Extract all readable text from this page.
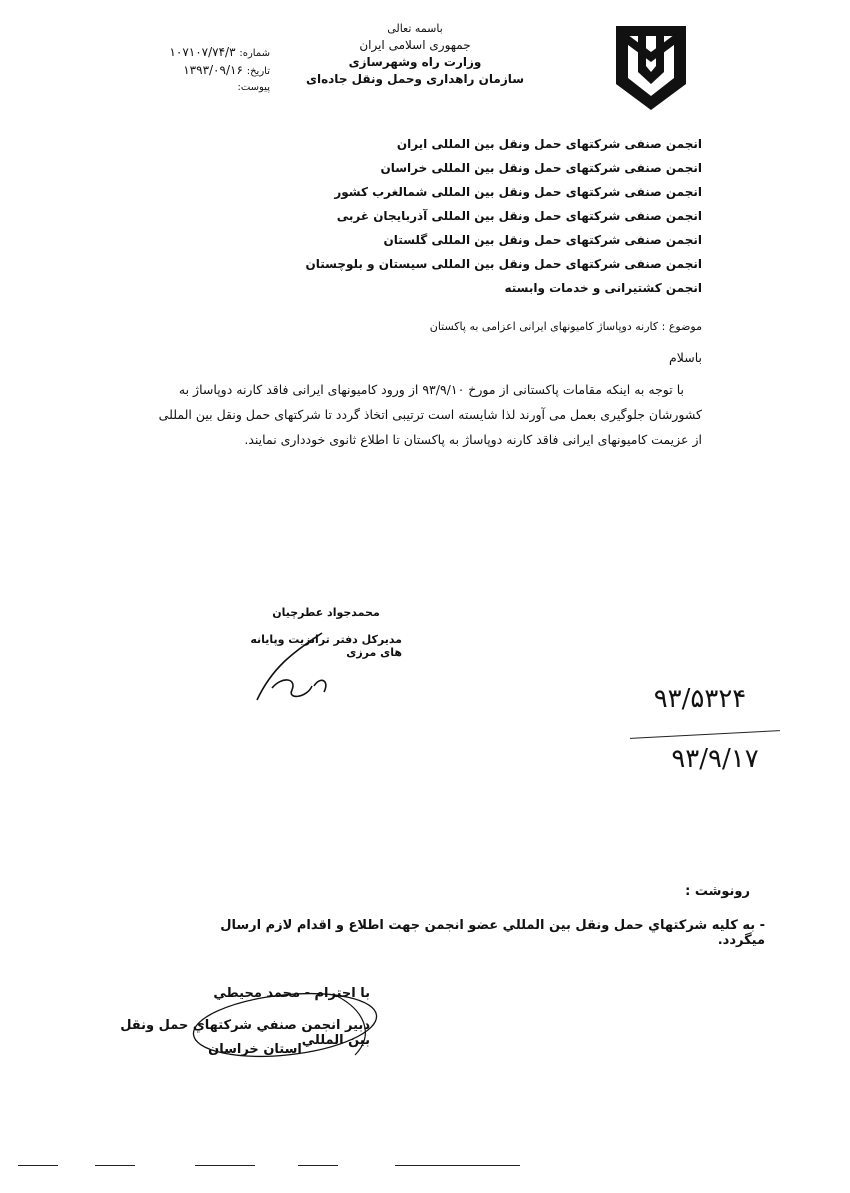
باسمه تعالی
جمهوری اسلامی ایران
وزارت راه وشهرسازی
سازمان راهداری وحمل ونقل جاده‌ای
شماره: ۱۰۷۱۰۷/۷۴/۳
تاریخ: ۱۳۹۳/۰۹/۱۶
پیوست:
انجمن صنفی شرکتهای حمل ونقل بین المللی ایران
انجمن صنفی شرکتهای حمل ونقل بین المللی خراسان
انجمن صنفی شرکتهای حمل ونقل بین المللی شمالغرب کشور
انجمن صنفی شرکتهای حمل ونقل بین المللی آذربایجان غربی
انجمن صنفی شرکتهای حمل ونقل بین المللی گلستان
انجمن صنفی شرکتهای حمل ونقل بین المللی سیستان و بلوچستان
انجمن کشتیرانی و خدمات وابسته
موضوع : کارنه دوپاساژ کامیونهای ایرانی اعزامی به پاکستان
باسلام
با توجه به اینکه مقامات پاکستانی از مورخ ۹۳/۹/۱۰ از ورود کامیونهای ایرانی فاقد کارنه دوپاساژ به
کشورشان جلوگیری بعمل می آورند لذا شایسته است ترتیبی اتخاذ گردد تا شرکتهای حمل ونقل بین المللی
از عزیمت کامیونهای ایرانی فاقد کارنه دوپاساژ به پاکستان تا اطلاع ثانوی خودداری نمایند.
محمدجواد عطرچیان
مدیرکل دفتر ترانزیت وپایانه های مرزی
۹۳/۵۳۲۴
۹۳/۹/۱۷
رونوشت :
- به كليه شركتهاي حمل ونقل بين المللي عضو انجمن جهت اطلاع و اقدام لازم ارسال ميگردد.
با احترام - محمد محيطي
دبير انجمن صنفي شركتهاي حمل ونقل بين المللي
استان خراسان
